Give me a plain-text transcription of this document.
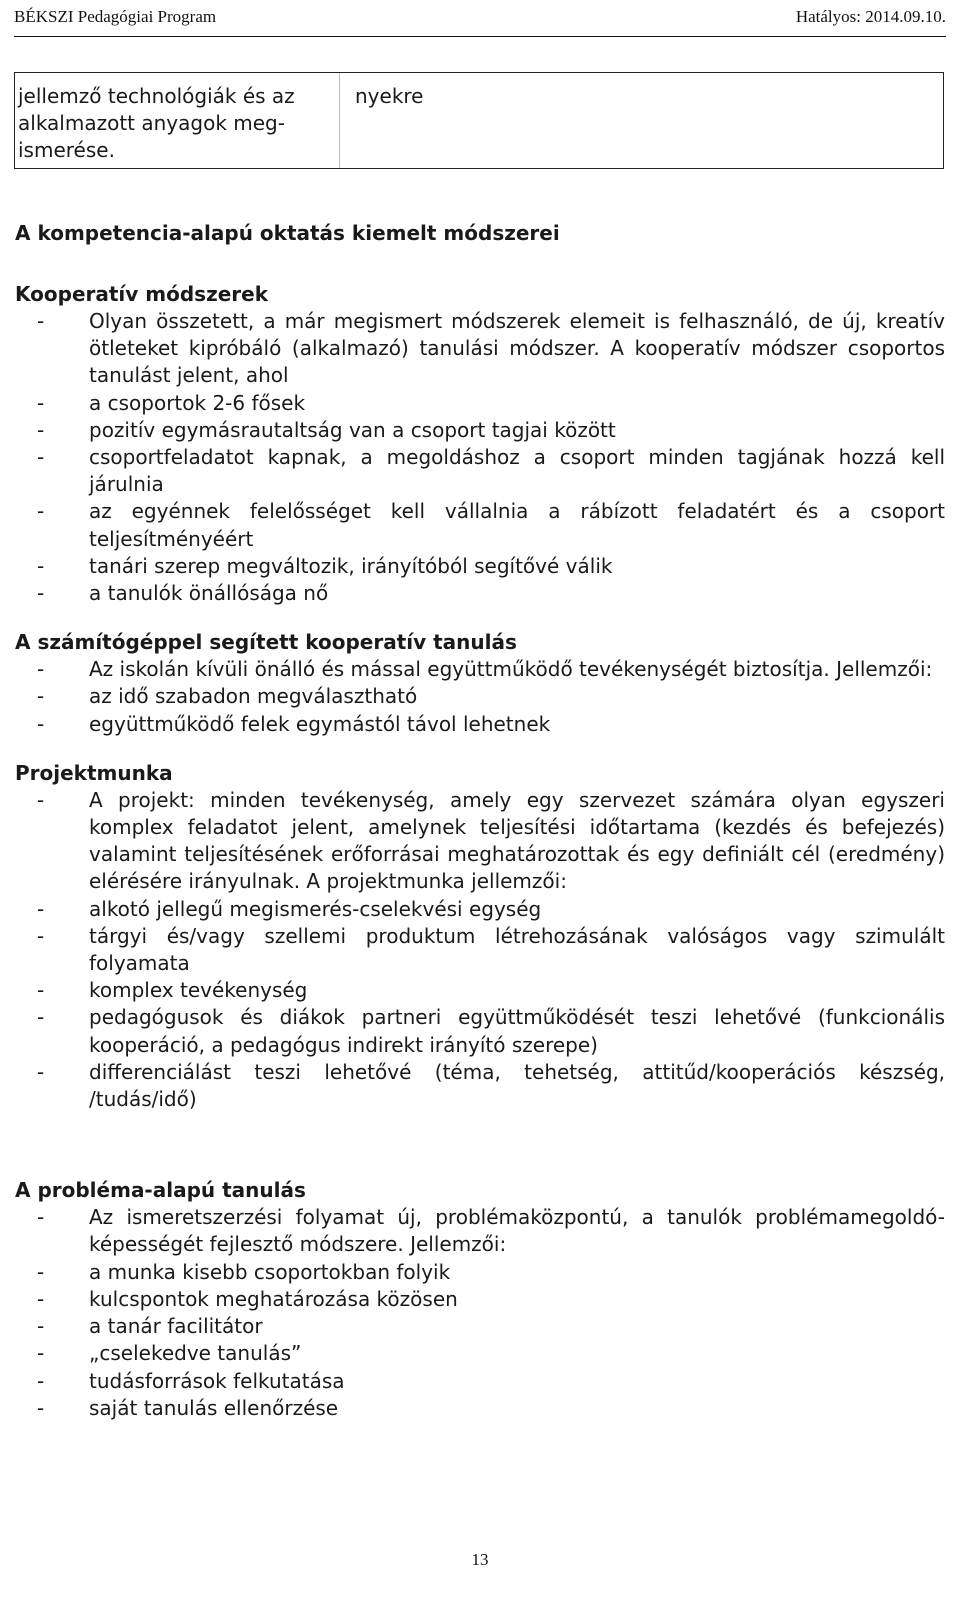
BÉKSZI Pedagógiai Program	Hatályos: 2014.09.10.
jellemző technológiák és az
alkalmazott anyagok meg-
ismerése.
nyekre
A kompetencia-alapú oktatás kiemelt módszerei
Kooperatív módszerek
- Olyan összetett, a már megismert módszerek elemeit is felhasználó, de új, kreatív ötleteket kipróbáló (alkalmazó) tanulási módszer. A kooperatív módszer csoportos tanulást jelent, ahol
- a csoportok 2-6 fősek
- pozitív egymásrautaltság van a csoport tagjai között
- csoportfeladatot kapnak, a megoldáshoz a csoport minden tagjának hozzá kell járulnia
- az egyénnek felelősséget kell vállalnia a rábízott feladatért és a csoport teljesítményéért
- tanári szerep megváltozik, irányítóból segítővé válik
- a tanulók önállósága nő
A számítógéppel segített kooperatív tanulás
- Az iskolán kívüli önálló és mással együttműködő tevékenységét biztosítja. Jellemzői:
- az idő szabadon megválasztható
- együttműködő felek egymástól távol lehetnek
Projektmunka
- A projekt: minden tevékenység, amely egy szervezet számára olyan egyszeri komplex feladatot jelent, amelynek teljesítési időtartama (kezdés és befejezés) valamint teljesítésének erőforrásai meghatározottak és egy definiált cél (eredmény) elérésére irányulnak. A projektmunka jellemzői:
- alkotó jellegű megismerés-cselekvési egység
- tárgyi és/vagy szellemi produktum létrehozásának valóságos vagy szimulált folyamata
- komplex tevékenység
- pedagógusok és diákok partneri együttműködését teszi lehetővé (funkcionális kooperáció, a pedagógus indirekt irányító szerepe)
- differenciálást teszi lehetővé (téma, tehetség, attitűd/kooperációs készség, /tudás/idő)
A probléma-alapú tanulás
- Az ismeretszerzési folyamat új, problémaközpontú, a tanulók problémamegoldó-képességét fejlesztő módszere. Jellemzői:
- a munka kisebb csoportokban folyik
- kulcspontok meghatározása közösen
- a tanár facilitátor
- „cselekedve tanulás”
- tudásforrások felkutatása
- saját tanulás ellenőrzése
13
